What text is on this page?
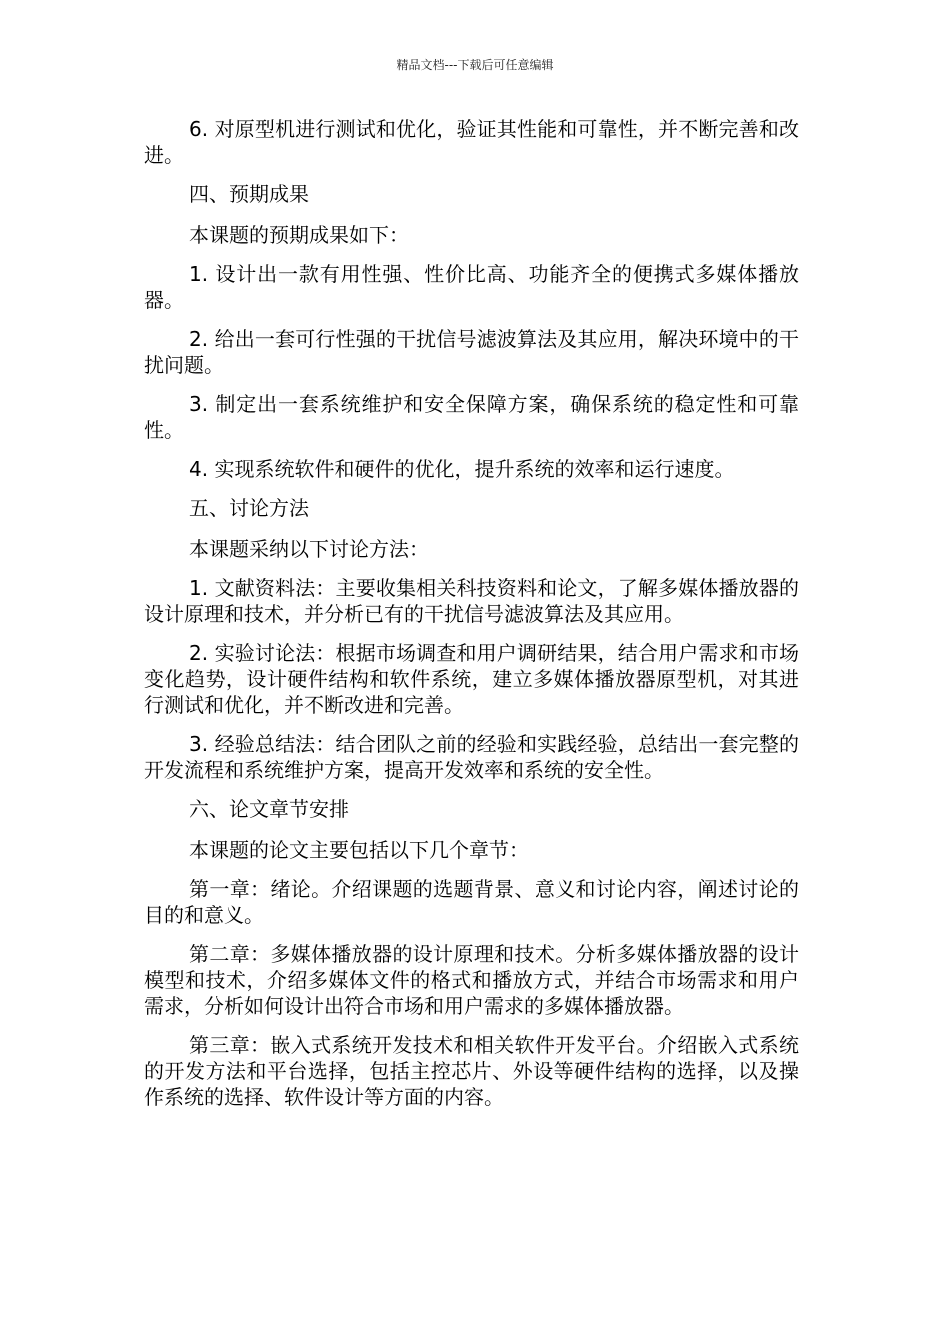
精品文档---下载后可任意编辑

6. 对原型机进行测试和优化，验证其性能和可靠性，并不断完善和改进。

四、预期成果

本课题的预期成果如下：

1. 设计出一款有用性强、性价比高、功能齐全的便携式多媒体播放器。

2. 给出一套可行性强的干扰信号滤波算法及其应用，解决环境中的干扰问题。

3. 制定出一套系统维护和安全保障方案，确保系统的稳定性和可靠性。

4. 实现系统软件和硬件的优化，提升系统的效率和运行速度。

五、讨论方法

本课题采纳以下讨论方法：

1. 文献资料法：主要收集相关科技资料和论文，了解多媒体播放器的设计原理和技术，并分析已有的干扰信号滤波算法及其应用。

2. 实验讨论法：根据市场调查和用户调研结果，结合用户需求和市场变化趋势，设计硬件结构和软件系统，建立多媒体播放器原型机，对其进行测试和优化，并不断改进和完善。

3. 经验总结法：结合团队之前的经验和实践经验，总结出一套完整的开发流程和系统维护方案，提高开发效率和系统的安全性。

六、论文章节安排

本课题的论文主要包括以下几个章节：

第一章：绪论。介绍课题的选题背景、意义和讨论内容，阐述讨论的目的和意义。

第二章：多媒体播放器的设计原理和技术。分析多媒体播放器的设计模型和技术，介绍多媒体文件的格式和播放方式，并结合市场需求和用户需求，分析如何设计出符合市场和用户需求的多媒体播放器。

第三章：嵌入式系统开发技术和相关软件开发平台。介绍嵌入式系统的开发方法和平台选择，包括主控芯片、外设等硬件结构的选择，以及操作系统的选择、软件设计等方面的内容。
